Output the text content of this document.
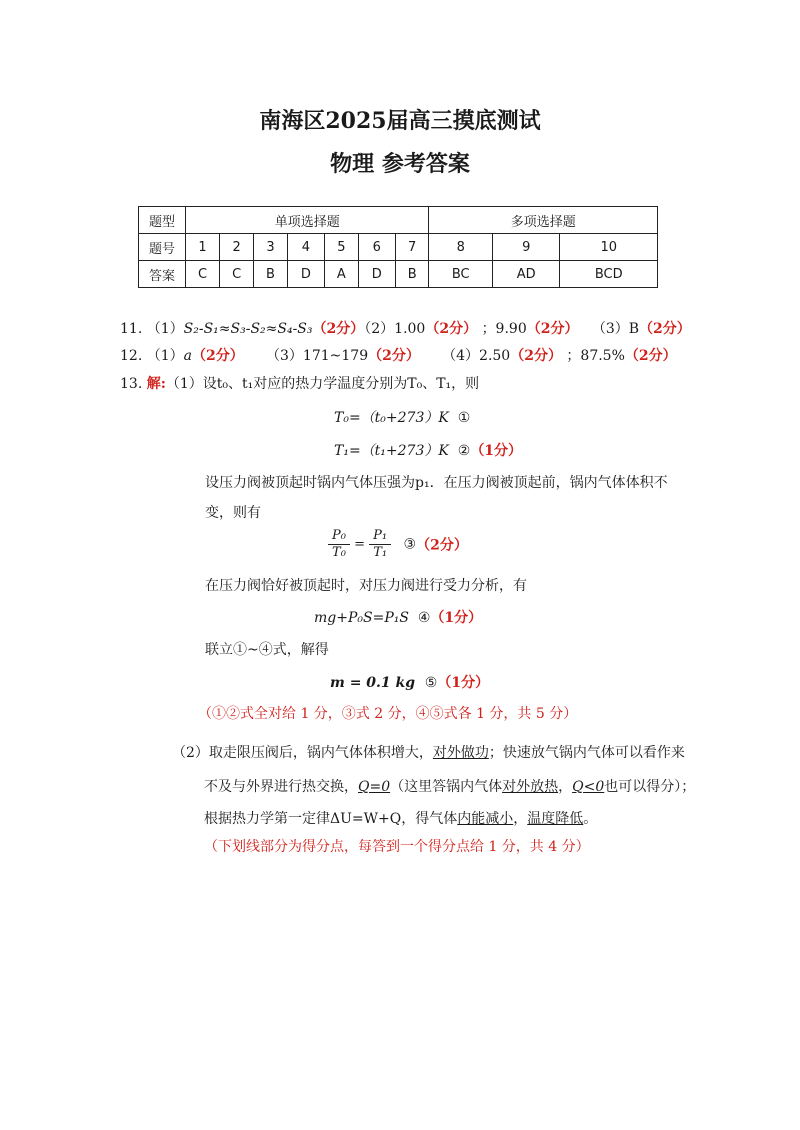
南海区2025届高三摸底测试
物理 参考答案
题型	单项选择题							多项选择题		
题号	1	2	3	4	5	6	7	8	9	10
答案	C	C	B	D	A	D	B	BC	AD	BCD
11. （1）S₂-S₁≈S₃-S₂≈S₄-S₃（2分）（2）1.00（2分） ；9.90（2分） （3）B（2分）
12. （1）a（2分） （3）171~179（2分） （4）2.50（2分） ；87.5%（2分）
13. 解:（1）设t₀、t₁对应的热力学温度分别为T₀、T₁，则
T₀=（t₀+273）K ①
T₁=（t₁+273）K ②（1分）
设压力阀被顶起时锅内气体压强为p₁．在压力阀被顶起前，锅内气体体积不
变，则有
$\frac{\text{P₀}}{\text{T₀}} = \frac{\text{P₁}}{\text{T₁}}$ ③（2分）
在压力阀恰好被顶起时，对压力阀进行受力分析，有
mg+P₀S=P₁S ④（1分）
联立①~④式，解得
m = 0.1 kg ⑤（1分）
（①②式全对给 1 分，③式 2 分，④⑤式各 1 分，共 5 分）
（2）取走限压阀后，锅内气体体积增大，对外做功；快速放气锅内气体可以看作来
不及与外界进行热交换，Q=0（这里答锅内气体对外放热，Q<0也可以得分）；
根据热力学第一定律ΔU=W+Q，得气体内能减小，温度降低。
（下划线部分为得分点，每答到一个得分点给 1 分，共 4 分）
